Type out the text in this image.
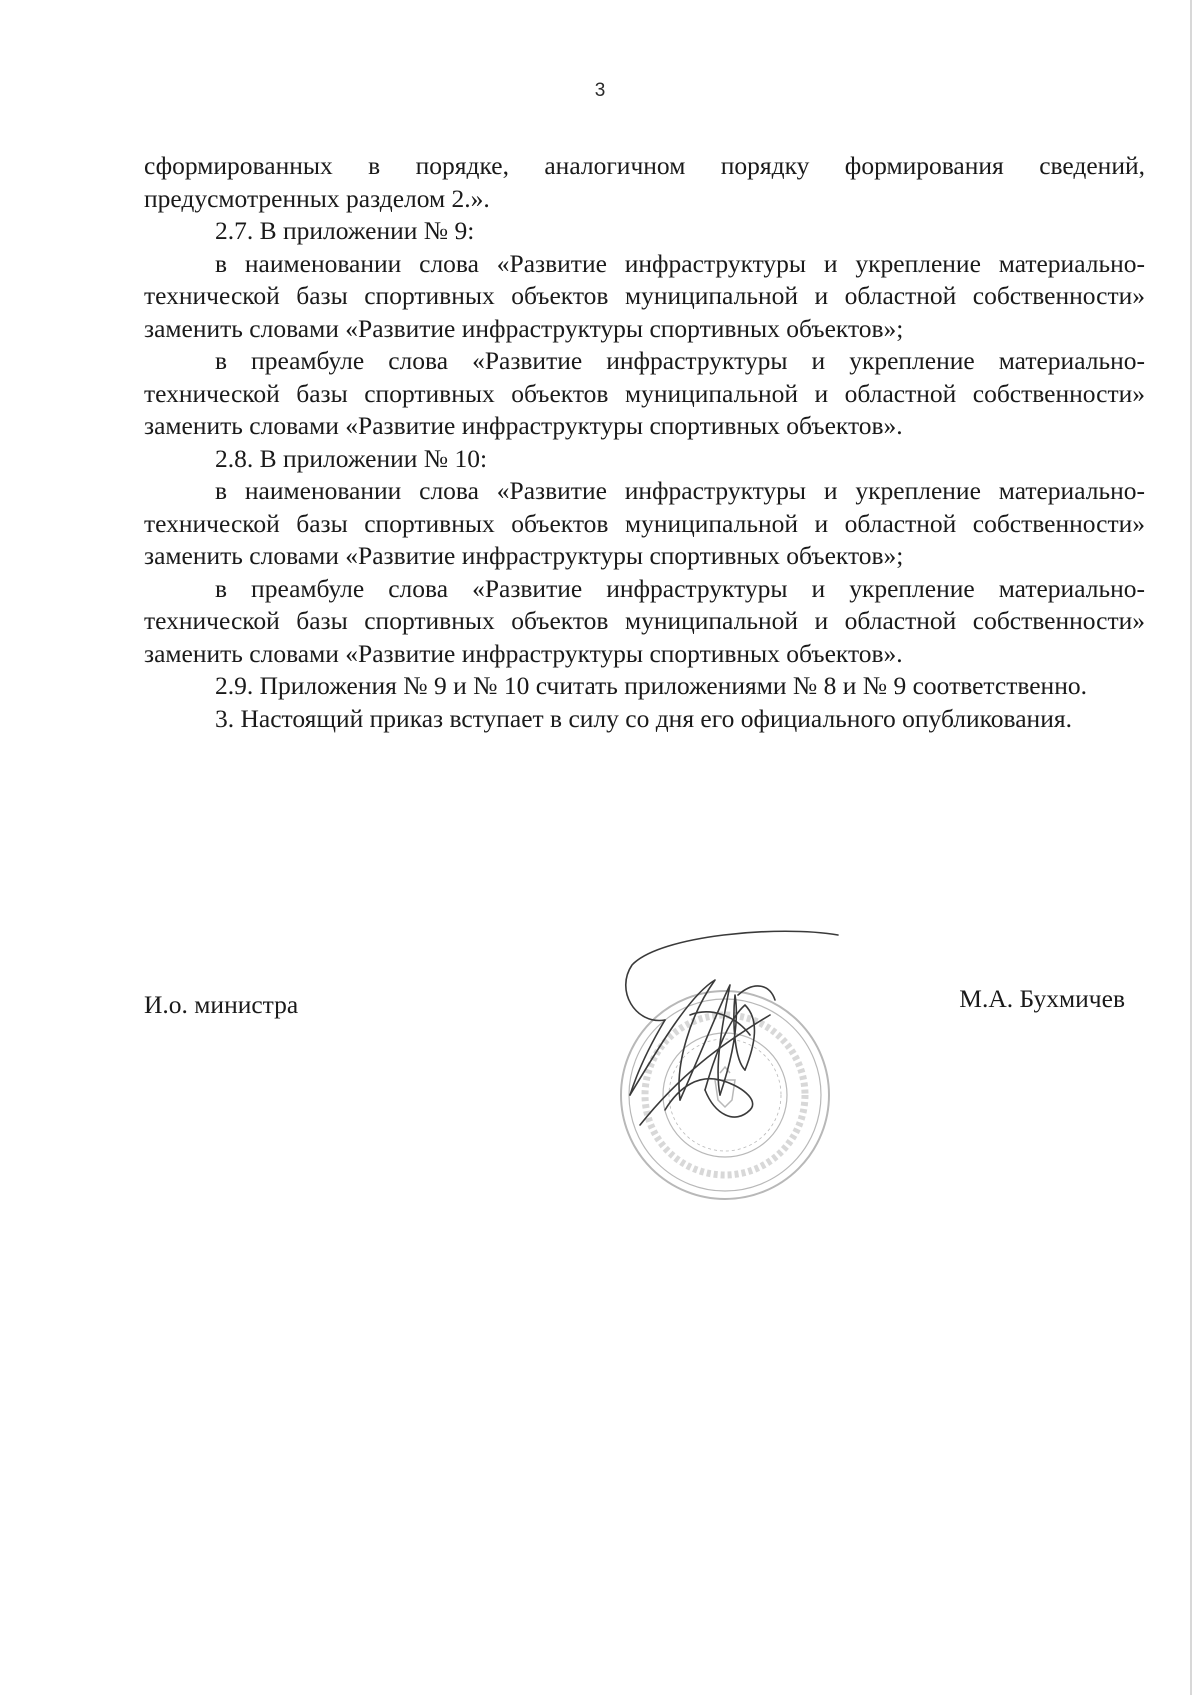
3

сформированных в порядке, аналогичном порядку формирования сведений, предусмотренных разделом 2.».

2.7. В приложении № 9:

в наименовании слова «Развитие инфраструктуры и укрепление материально-технической базы спортивных объектов муниципальной и областной собственности» заменить словами «Развитие инфраструктуры спортивных объектов»;

в преамбуле слова «Развитие инфраструктуры и укрепление материально-технической базы спортивных объектов муниципальной и областной собственности» заменить словами «Развитие инфраструктуры спортивных объектов».

2.8. В приложении № 10:

в наименовании слова «Развитие инфраструктуры и укрепление материально-технической базы спортивных объектов муниципальной и областной собственности» заменить словами «Развитие инфраструктуры спортивных объектов»;

в преамбуле слова «Развитие инфраструктуры и укрепление материально-технической базы спортивных объектов муниципальной и областной собственности» заменить словами «Развитие инфраструктуры спортивных объектов».

2.9. Приложения № 9 и № 10 считать приложениями № 8 и № 9 соответственно.

3. Настоящий приказ вступает в силу со дня его официального опубликования.

И.о. министра	М.А. Бухмичев
